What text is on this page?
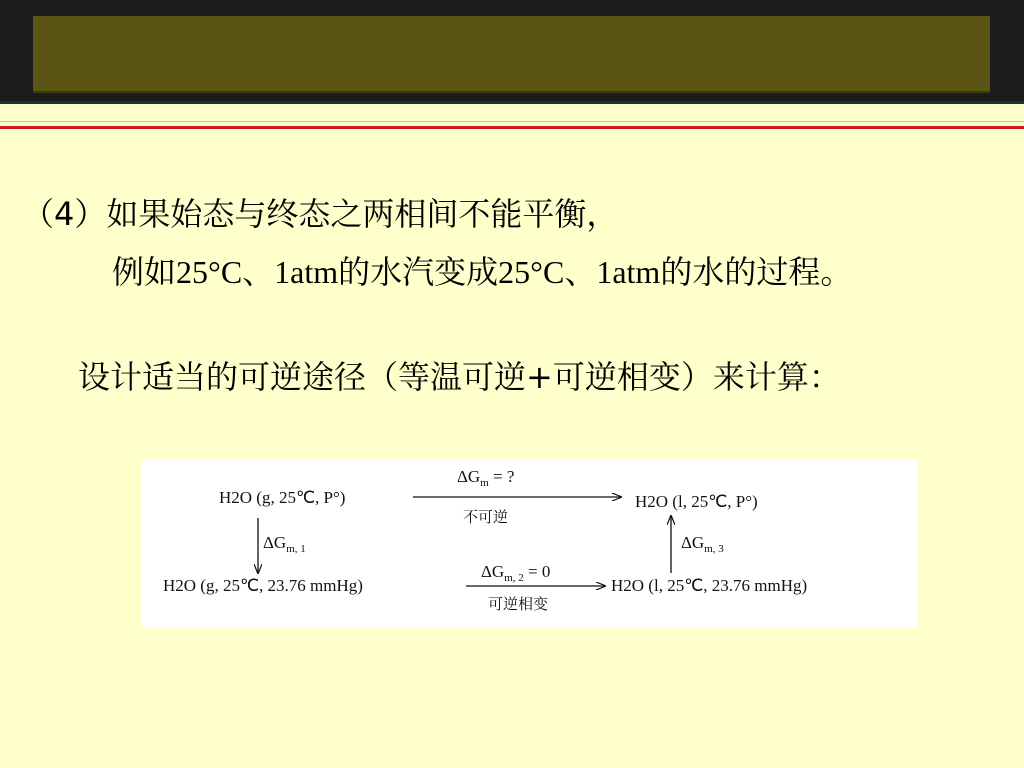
（4）如果始态与终态之两相间不能平衡，
例如25°C、1atm的水汽变成25°C、1atm的水的过程。
设计适当的可逆途径（等温可逆+可逆相变）来计算：
H2O (g, 25℃, P°)	H2O (l, 25℃, P°)
H2O (g, 25℃, 23.76 mmHg)	H2O (l, 25℃, 23.76 mmHg)
$\Delta G_m$ = ?
不可逆
$\Delta G_{m, 1}$
$\Delta G_{m, 2} = 0$
可逆相变
$\Delta G_{m, 3}$
